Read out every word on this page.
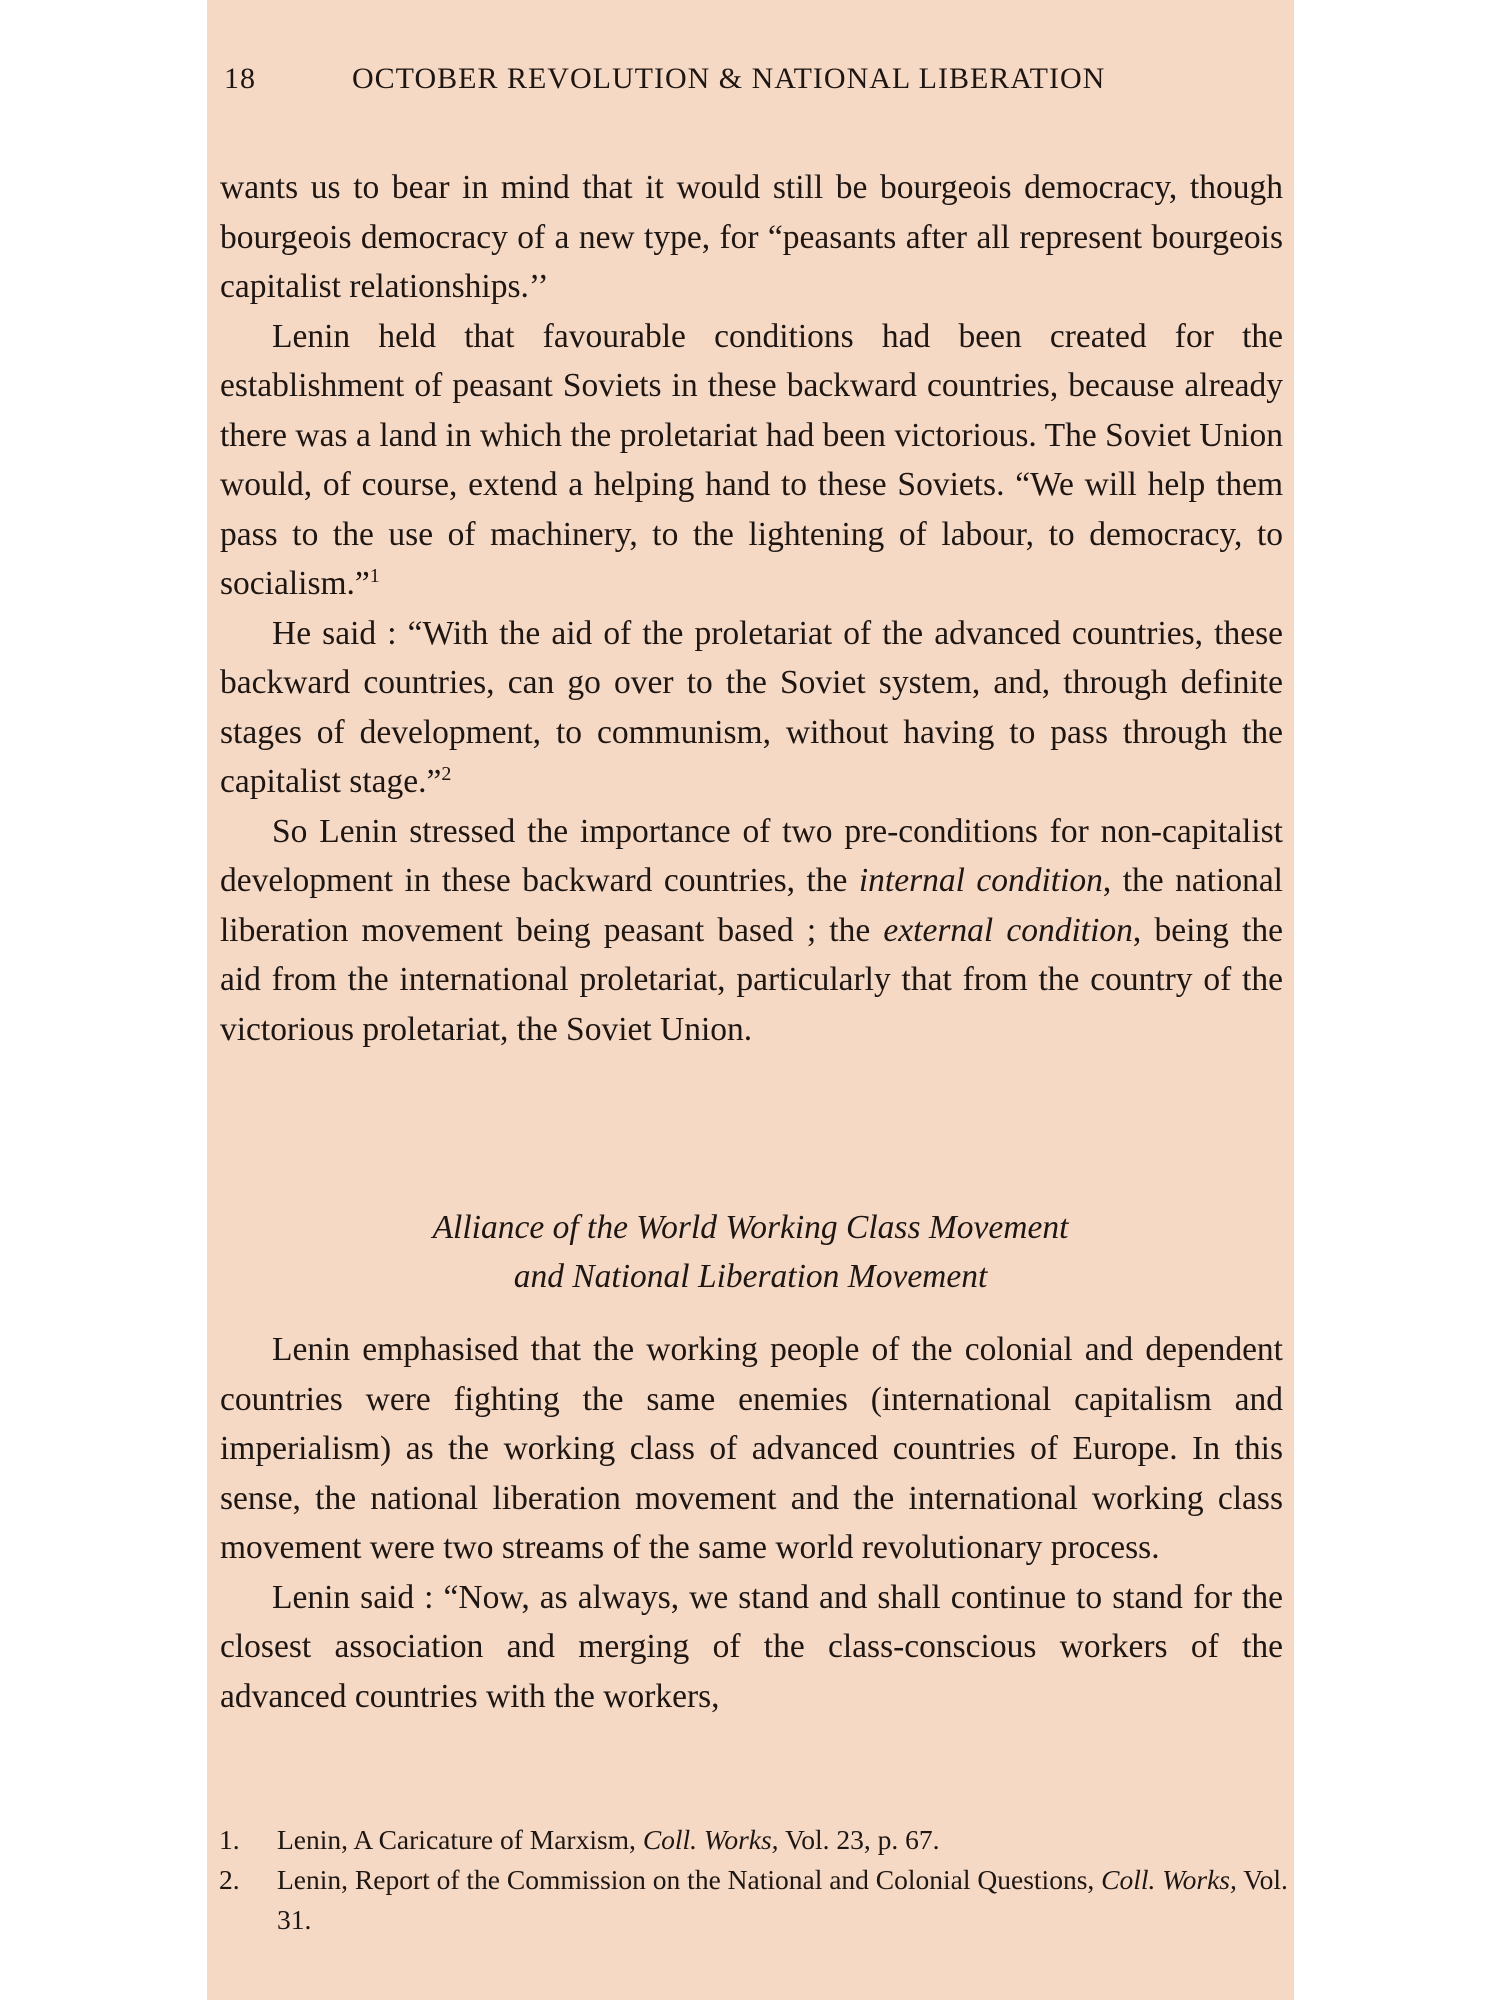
18	OCTOBER REVOLUTION & NATIONAL LIBERATION

wants us to bear in mind that it would still be bourgeois democracy, though bourgeois democracy of a new type, for “peasants after all represent bourgeois capitalist relationships.’’

Lenin held that favourable conditions had been created for the establishment of peasant Soviets in these backward countries, because already there was a land in which the proletariat had been victorious. The Soviet Union would, of course, extend a helping hand to these Soviets. “We will help them pass to the use of machinery, to the lightening of labour, to democracy, to socialism.”$^1$

He said : “With the aid of the proletariat of the advanced countries, these backward countries, can go over to the Soviet system, and, through definite stages of development, to communism, without having to pass through the capitalist stage.”$^2$

So Lenin stressed the importance of two pre-conditions for non-capitalist development in these backward countries, the internal condition, the national liberation movement being peasant based ; the external condition, being the aid from the international proletariat, particularly that from the country of the victorious proletariat, the Soviet Union.

Alliance of the World Working Class Movement
and National Liberation Movement

Lenin emphasised that the working people of the colonial and dependent countries were fighting the same enemies (international capitalism and imperialism) as the working class of advanced countries of Europe. In this sense, the national liberation movement and the international working class movement were two streams of the same world revolutionary process.

Lenin said : “Now, as always, we stand and shall continue to stand for the closest association and merging of the class-conscious workers of the advanced countries with the workers,

1. Lenin, A Caricature of Marxism, Coll. Works, Vol. 23, p. 67.
2. Lenin, Report of the Commission on the National and Colonial Questions, Coll. Works, Vol. 31.
